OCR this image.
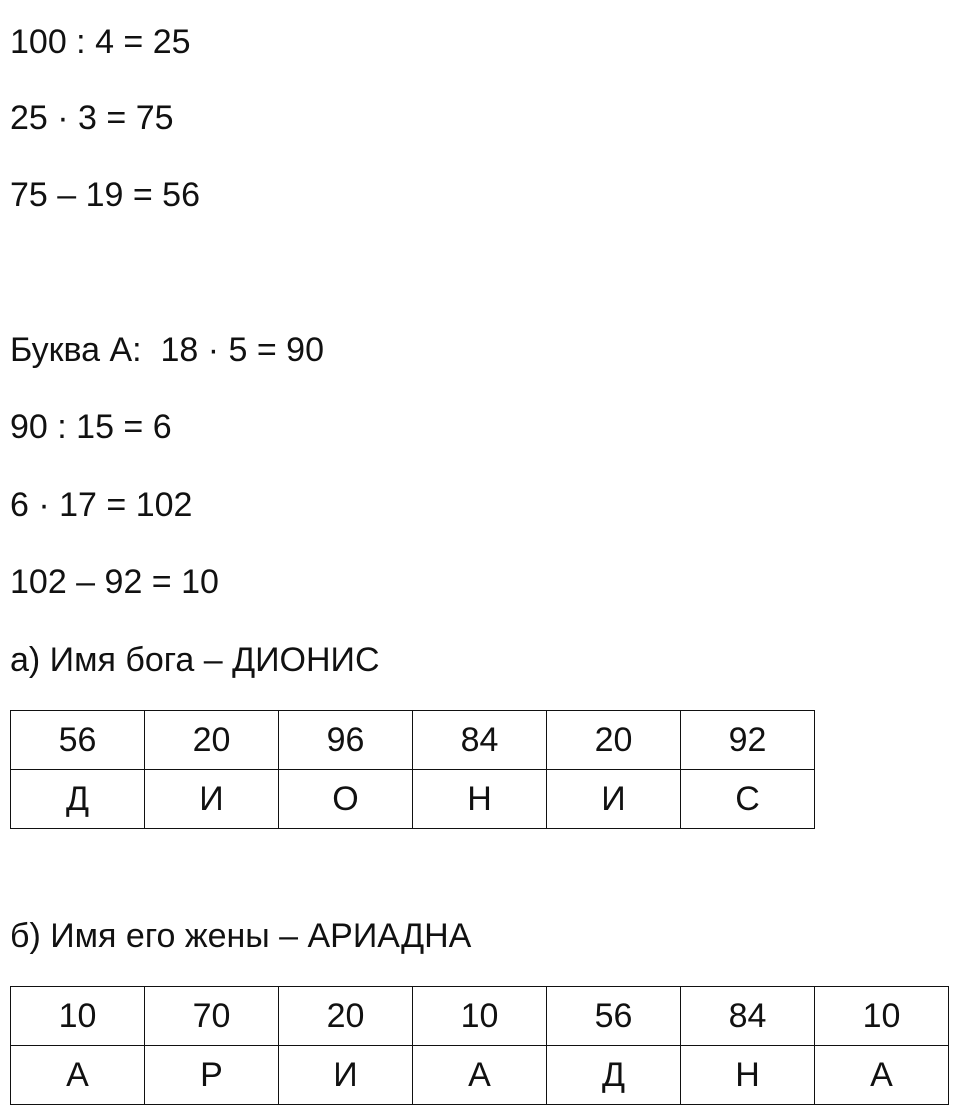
100 : 4 = 25
25 · 3 = 75
75 – 19 = 56
Буква А:  18 · 5 = 90
90 : 15 = 6
6 · 17 = 102
102 – 92 = 10
а) Имя бога – ДИОНИС
56	20	96	84	20	92
Д	И	О	Н	И	С
б) Имя его жены – АРИАДНА
10	70	20	10	56	84	10
А	Р	И	А	Д	Н	А
